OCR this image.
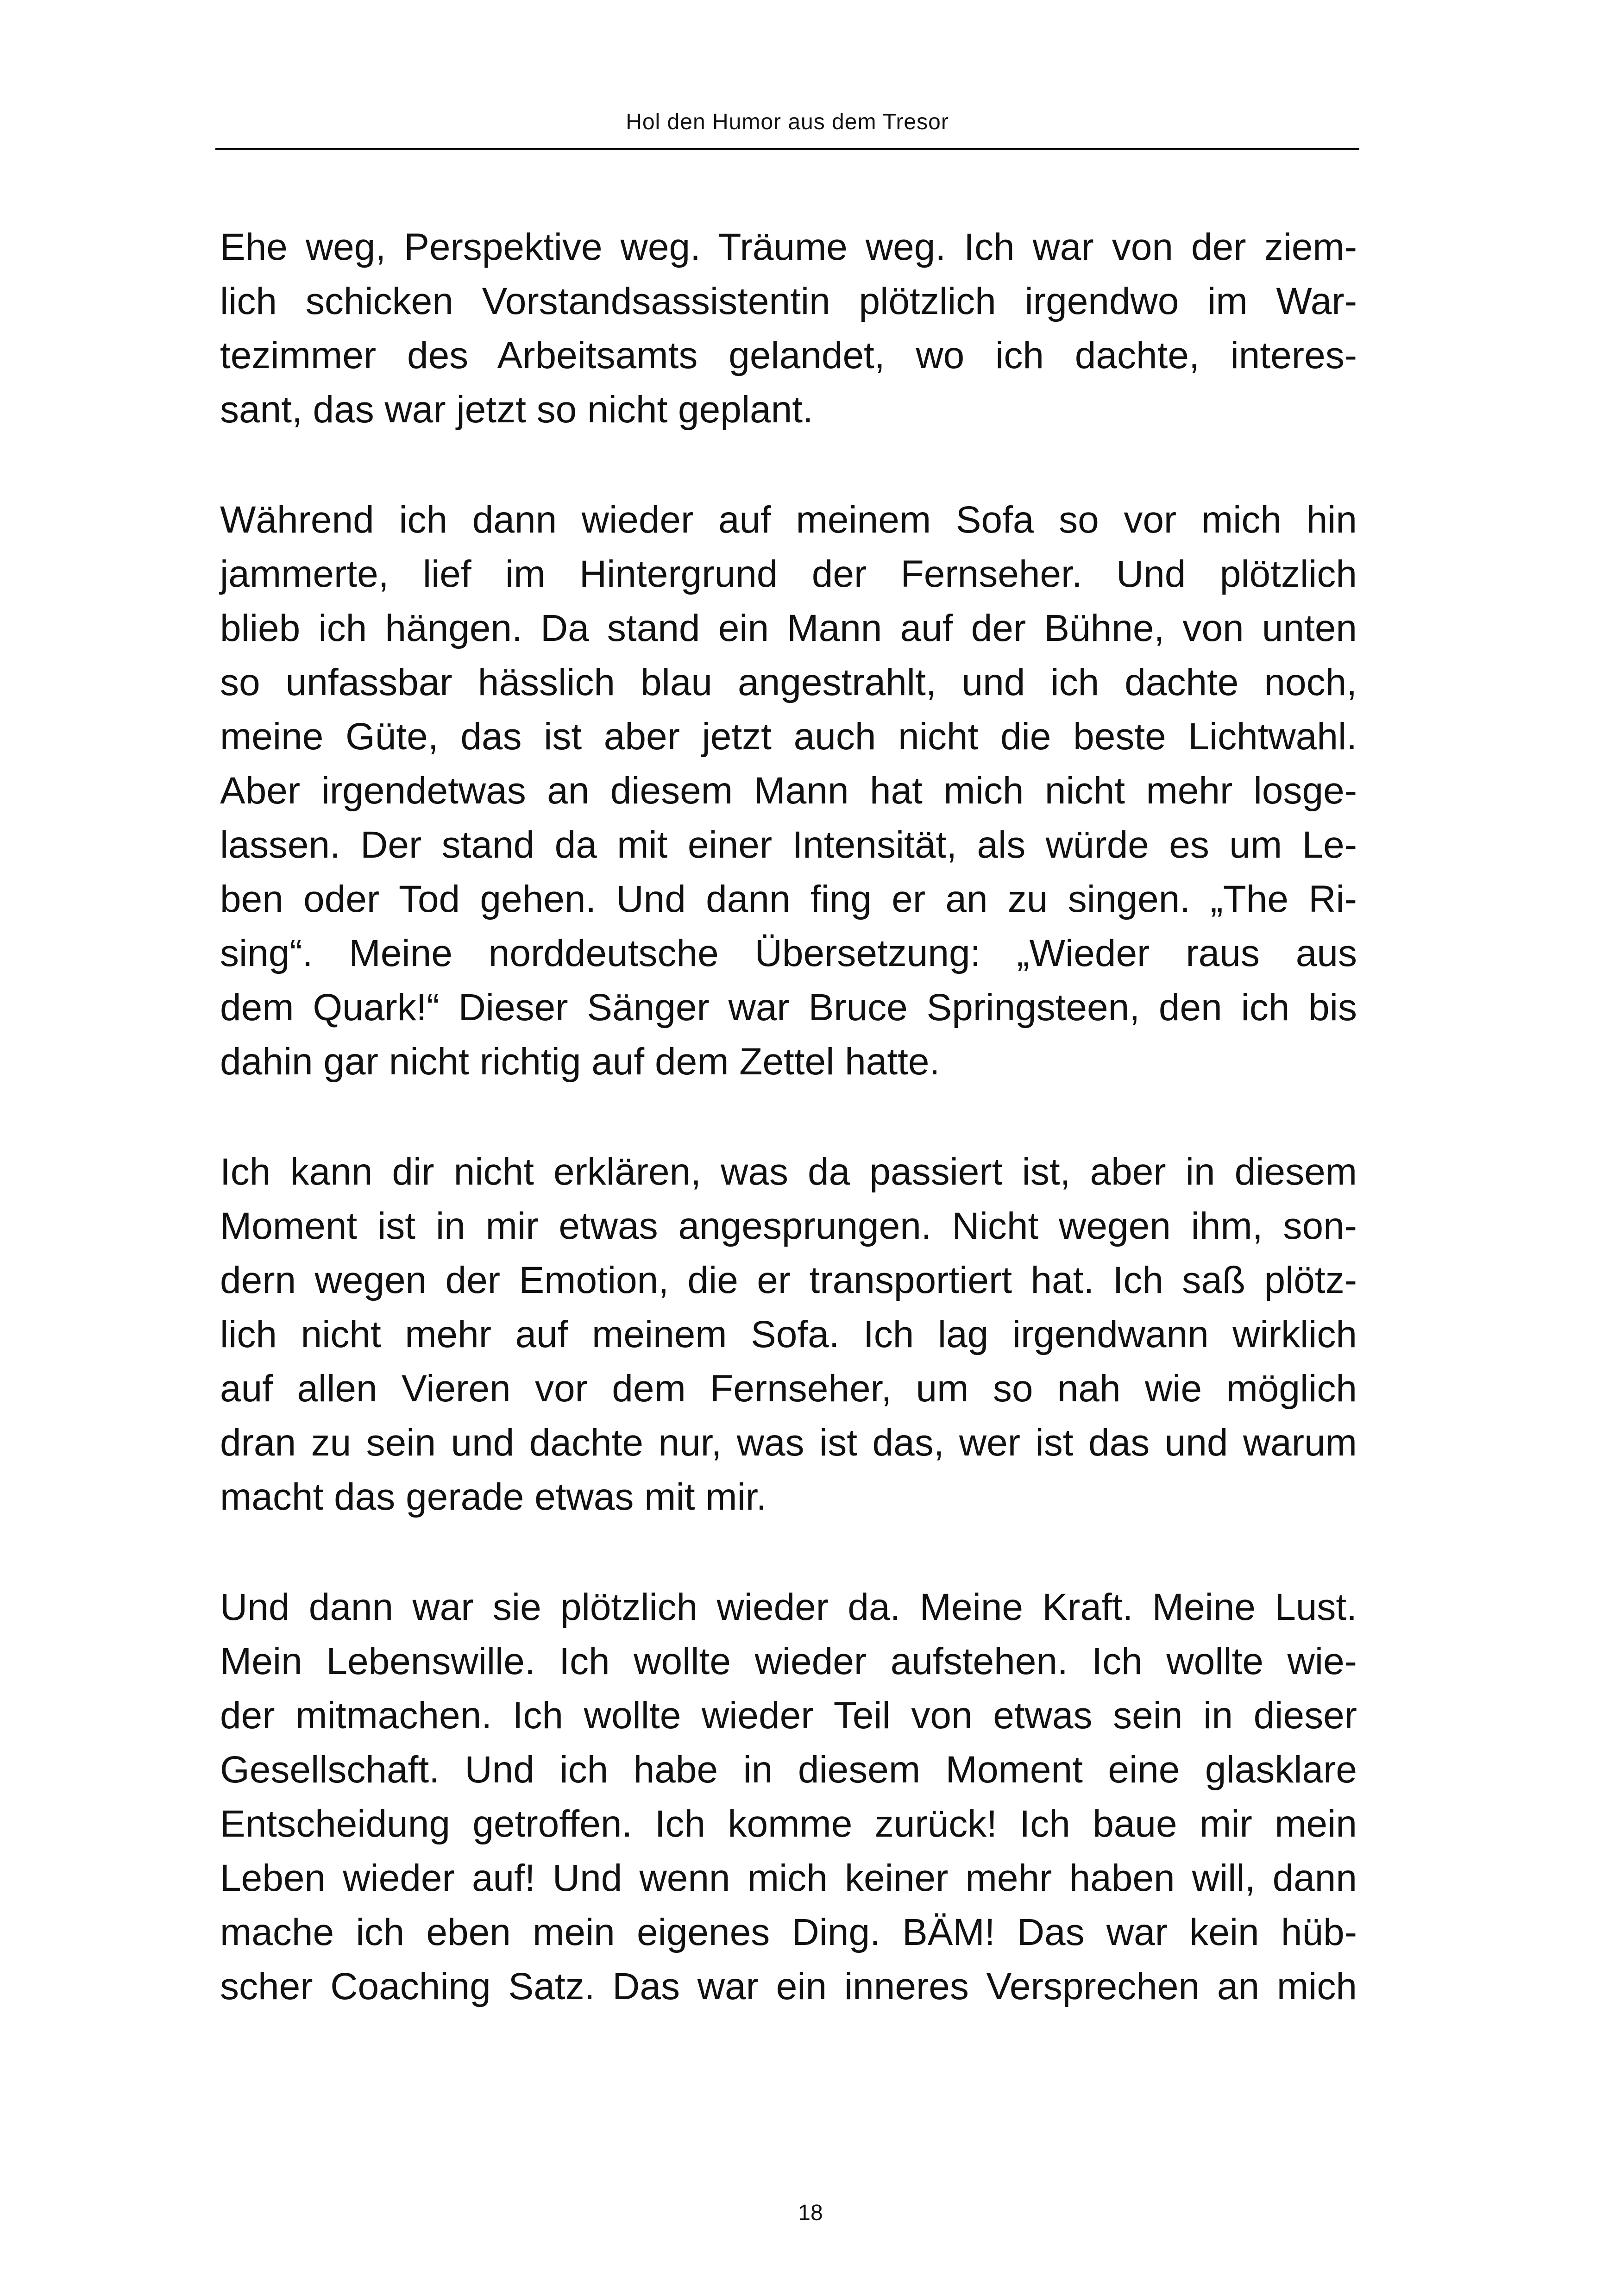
Hol den Humor aus dem Tresor
Ehe weg, Perspektive weg. Träume weg. Ich war von der ziem-
lich schicken Vorstandsassistentin plötzlich irgendwo im War-
tezimmer des Arbeitsamts gelandet, wo ich dachte, interes-
sant, das war jetzt so nicht geplant.
Während ich dann wieder auf meinem Sofa so vor mich hin
jammerte, lief im Hintergrund der Fernseher. Und plötzlich
blieb ich hängen. Da stand ein Mann auf der Bühne, von unten
so unfassbar hässlich blau angestrahlt, und ich dachte noch,
meine Güte, das ist aber jetzt auch nicht die beste Lichtwahl.
Aber irgendetwas an diesem Mann hat mich nicht mehr losge-
lassen. Der stand da mit einer Intensität, als würde es um Le-
ben oder Tod gehen. Und dann fing er an zu singen. „The Ri-
sing“. Meine norddeutsche Übersetzung: „Wieder raus aus
dem Quark!“ Dieser Sänger war Bruce Springsteen, den ich bis
dahin gar nicht richtig auf dem Zettel hatte.
Ich kann dir nicht erklären, was da passiert ist, aber in diesem
Moment ist in mir etwas angesprungen. Nicht wegen ihm, son-
dern wegen der Emotion, die er transportiert hat. Ich saß plötz-
lich nicht mehr auf meinem Sofa. Ich lag irgendwann wirklich
auf allen Vieren vor dem Fernseher, um so nah wie möglich
dran zu sein und dachte nur, was ist das, wer ist das und warum
macht das gerade etwas mit mir.
Und dann war sie plötzlich wieder da. Meine Kraft. Meine Lust.
Mein Lebenswille. Ich wollte wieder aufstehen. Ich wollte wie-
der mitmachen. Ich wollte wieder Teil von etwas sein in dieser
Gesellschaft. Und ich habe in diesem Moment eine glasklare
Entscheidung getroffen. Ich komme zurück! Ich baue mir mein
Leben wieder auf! Und wenn mich keiner mehr haben will, dann
mache ich eben mein eigenes Ding. BÄM! Das war kein hüb-
scher Coaching Satz. Das war ein inneres Versprechen an mich
18
